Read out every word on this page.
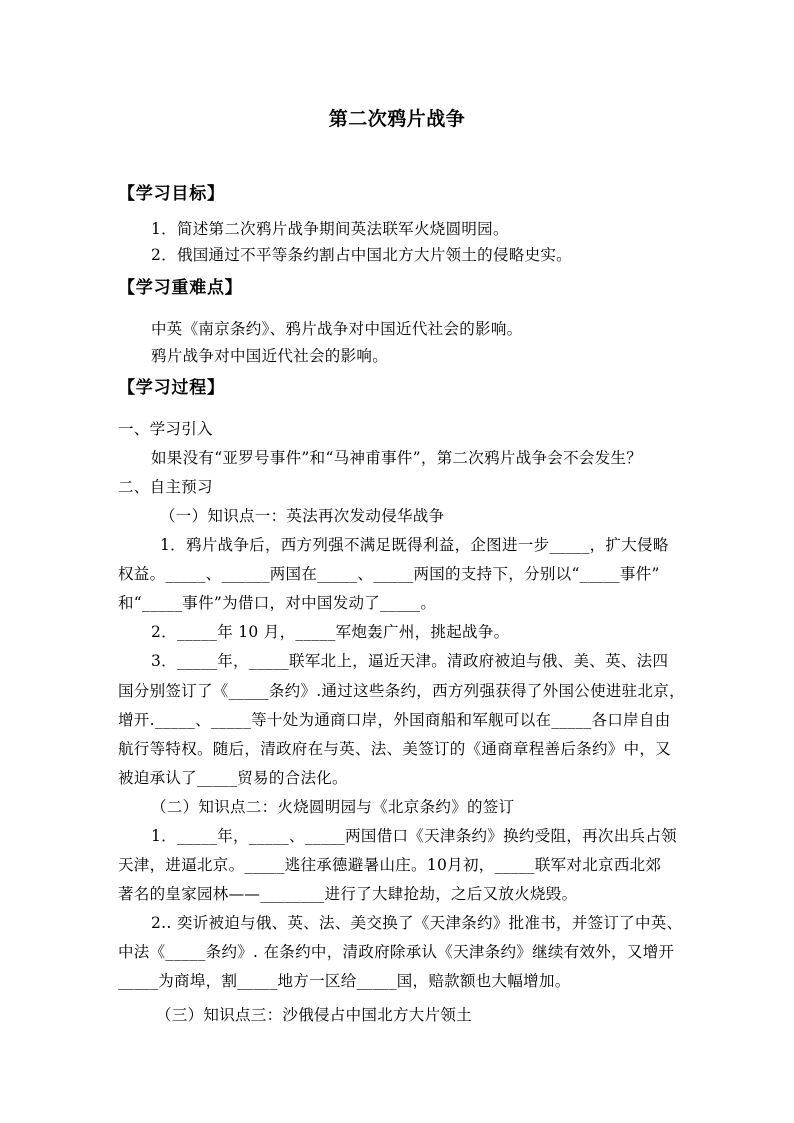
第二次鸦片战争
【学习目标】
1．简述第二次鸦片战争期间英法联军火烧圆明园。
2．俄国通过不平等条约割占中国北方大片领土的侵略史实。
【学习重难点】
中英《南京条约》、鸦片战争对中国近代社会的影响。
鸦片战争对中国近代社会的影响。
【学习过程】
一、学习引入
如果没有“亚罗号事件”和“马神甫事件”，第二次鸦片战争会不会发生？
二、自主预习
（一）知识点一：英法再次发动侵华战争
1．鸦片战争后，西方列强不满足既得利益，企图进一步_____，扩大侵略
权益。_____、______两国在_____、_____两国的支持下，分别以“_____事件”
和“_____事件”为借口，对中国发动了_____。
2．_____年 10 月，_____军炮轰广州，挑起战争。
3．_____年，_____联军北上，逼近天津。清政府被迫与俄、美、英、法四
国分别签订了《_____条约》.通过这些条约，西方列强获得了外国公使进驻北京，
增开._____、_____等十处为通商口岸，外国商船和军舰可以在_____各口岸自由
航行等特权。随后，清政府在与英、法、美签订的《通商章程善后条约》中，又
被迫承认了_____贸易的合法化。
（二）知识点二：火烧圆明园与《北京条约》的签订
1．_____年，_____、_____两国借口《天津条约》换约受阻，再次出兵占领
天津，进逼北京。_____逃往承德避暑山庄。10月初，_____联军对北京西北郊
著名的皇家园林——________进行了大肆抢劫，之后又放火烧毁。
2.. 奕䜣被迫与俄、英、法、美交换了《天津条约》批准书，并签订了中英、
中法《_____条约》. 在条约中，清政府除承认《天津条约》继续有效外，又增开
_____为商埠，割_____地方一区给_____国，赔款额也大幅增加。
（三）知识点三：沙俄侵占中国北方大片领土
